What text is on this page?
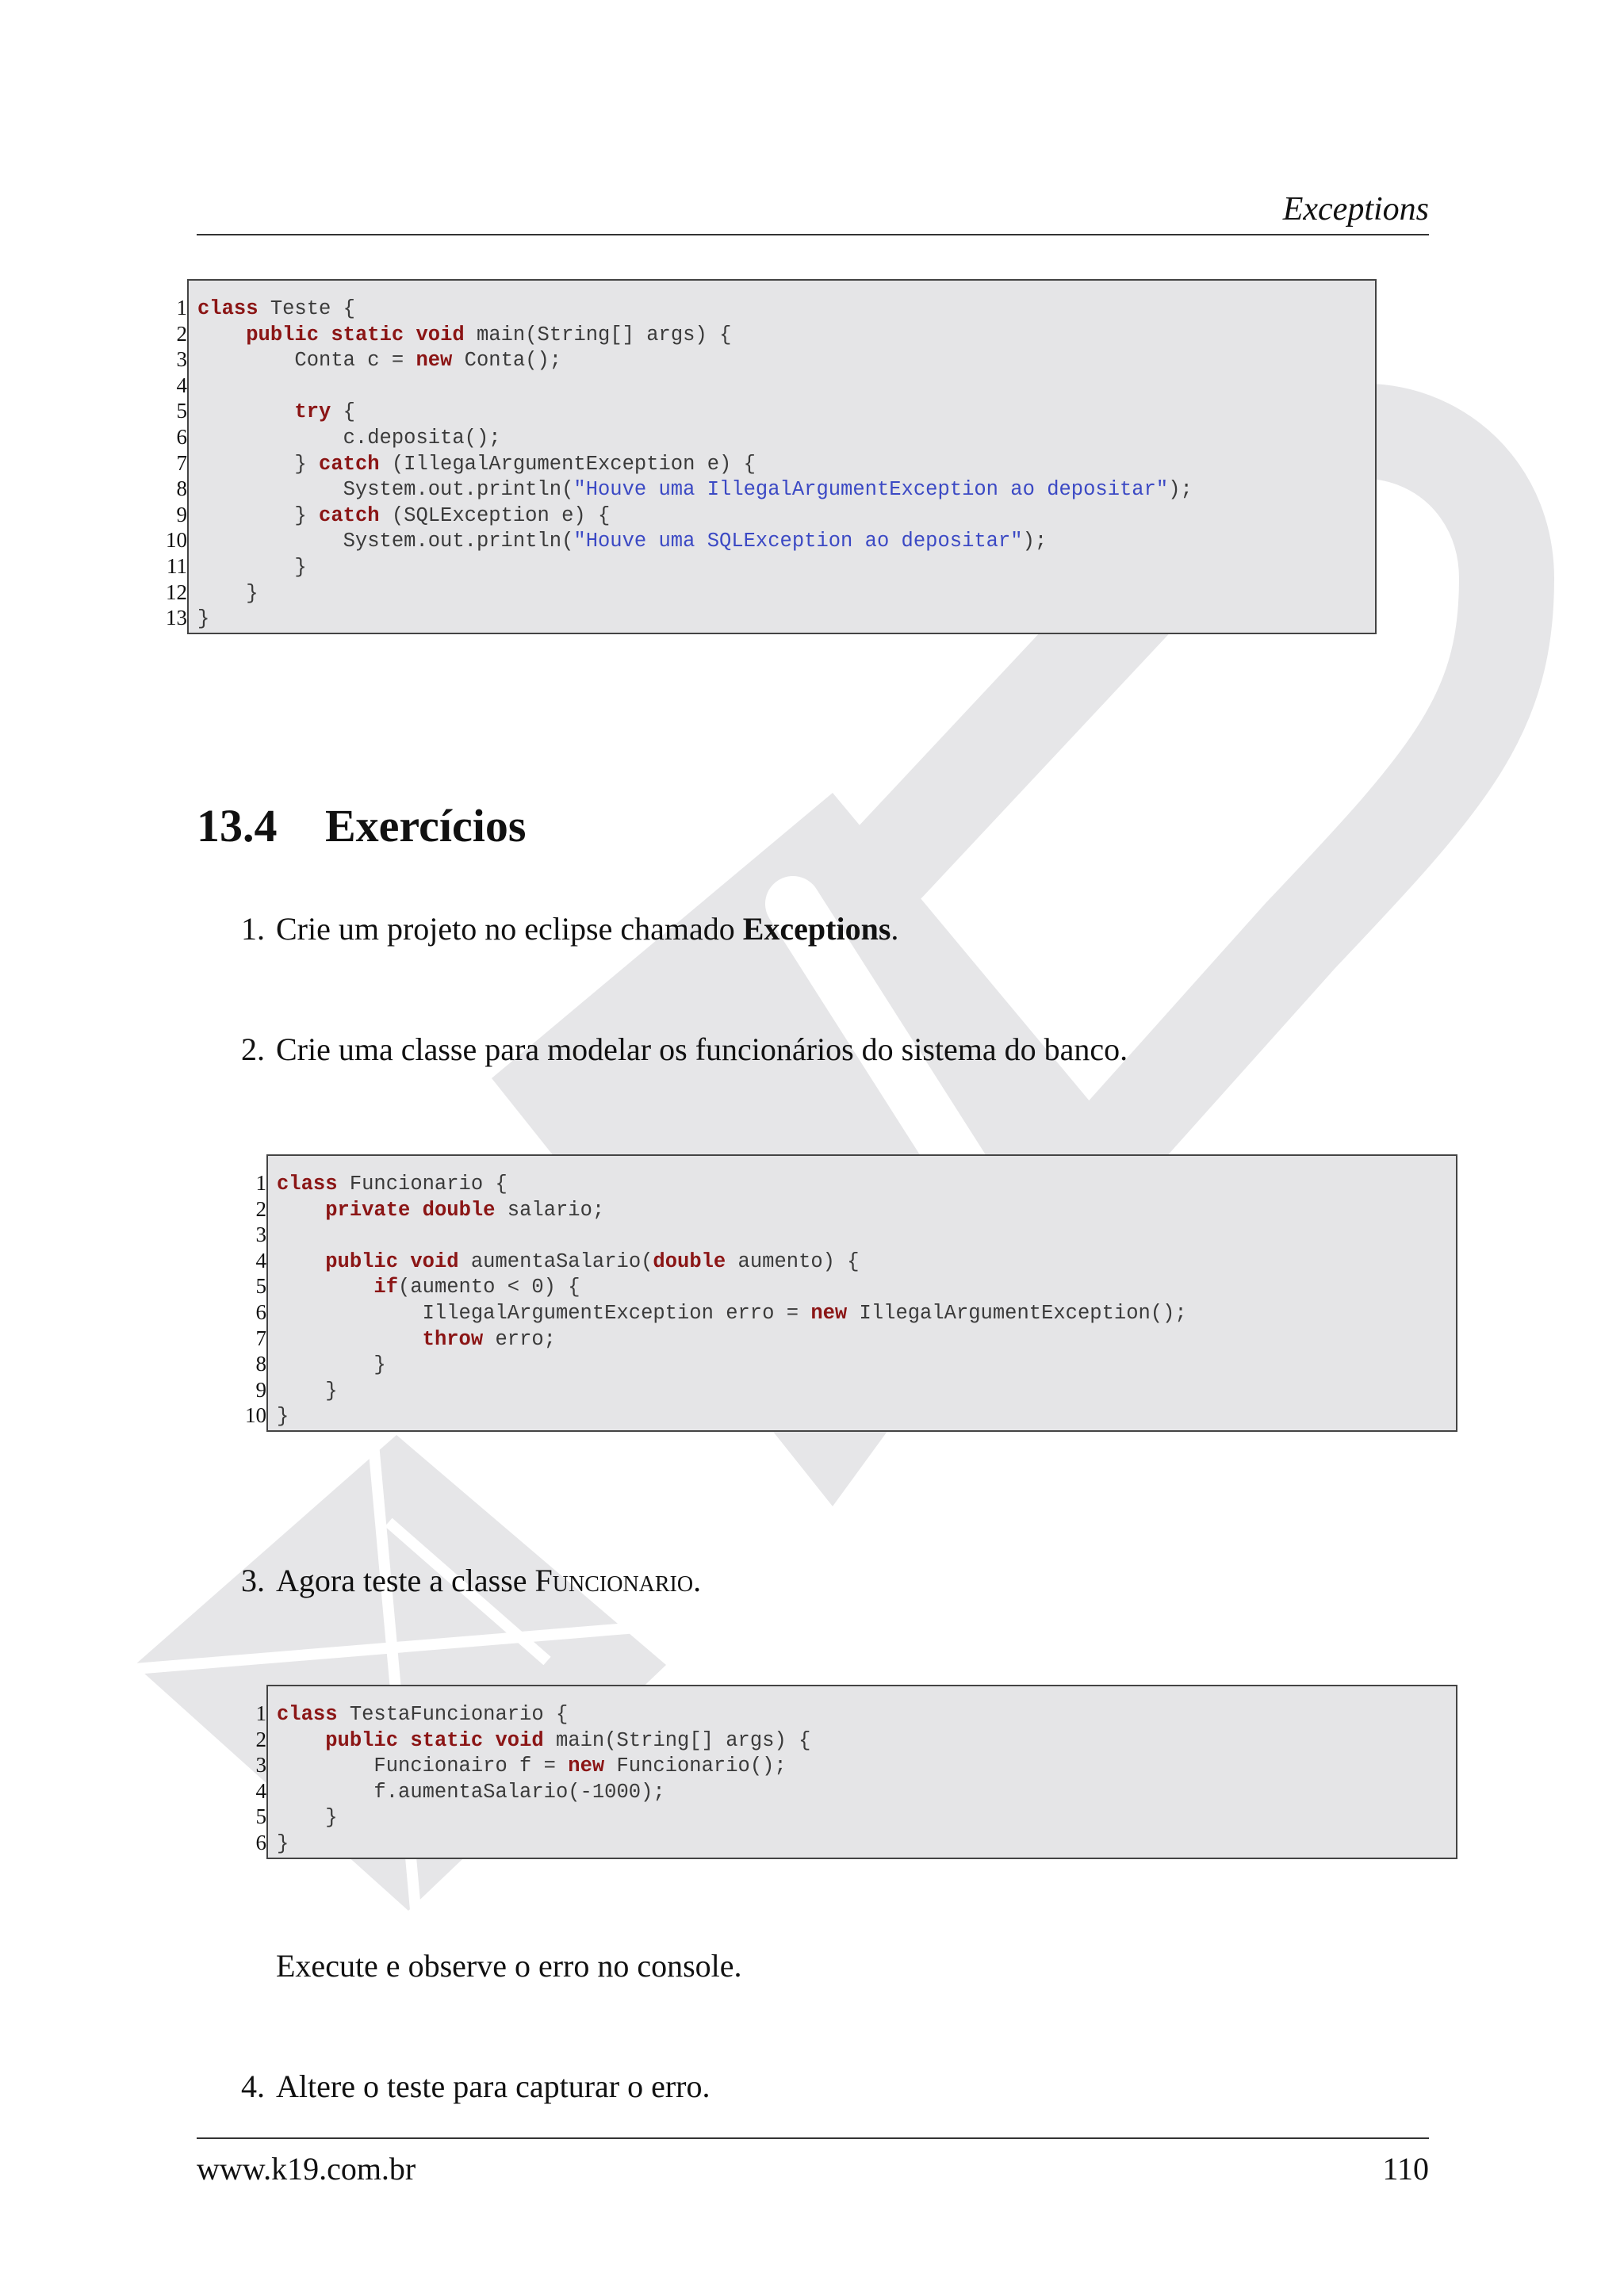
Exceptions
1
2
3
4
5
6
7
8
9
10
11
12
13
class Teste {
public static void main(String[] args) {
Conta c = new Conta();
try {
c.deposita();
} catch (IllegalArgumentException e) {
System.out.println("Houve uma IllegalArgumentException ao depositar");
} catch (SQLException e) {
System.out.println("Houve uma SQLException ao depositar");
}
}
}
13.4 Exercícios
1. Crie um projeto no eclipse chamado Exceptions.
2. Crie uma classe para modelar os funcionários do sistema do banco.
1
2
3
4
5
6
7
8
9
10
class Funcionario {
private double salario;
public void aumentaSalario(double aumento) {
if(aumento < 0) {
IllegalArgumentException erro = new IllegalArgumentException();
throw erro;
}
}
}
3. Agora teste a classe Funcionario.
1
2
3
4
5
6
class TestaFuncionario {
public static void main(String[] args) {
Funcionairo f = new Funcionario();
f.aumentaSalario(-1000);
}
}
Execute e observe o erro no console.
4. Altere o teste para capturar o erro.
www.k19.com.br	110
